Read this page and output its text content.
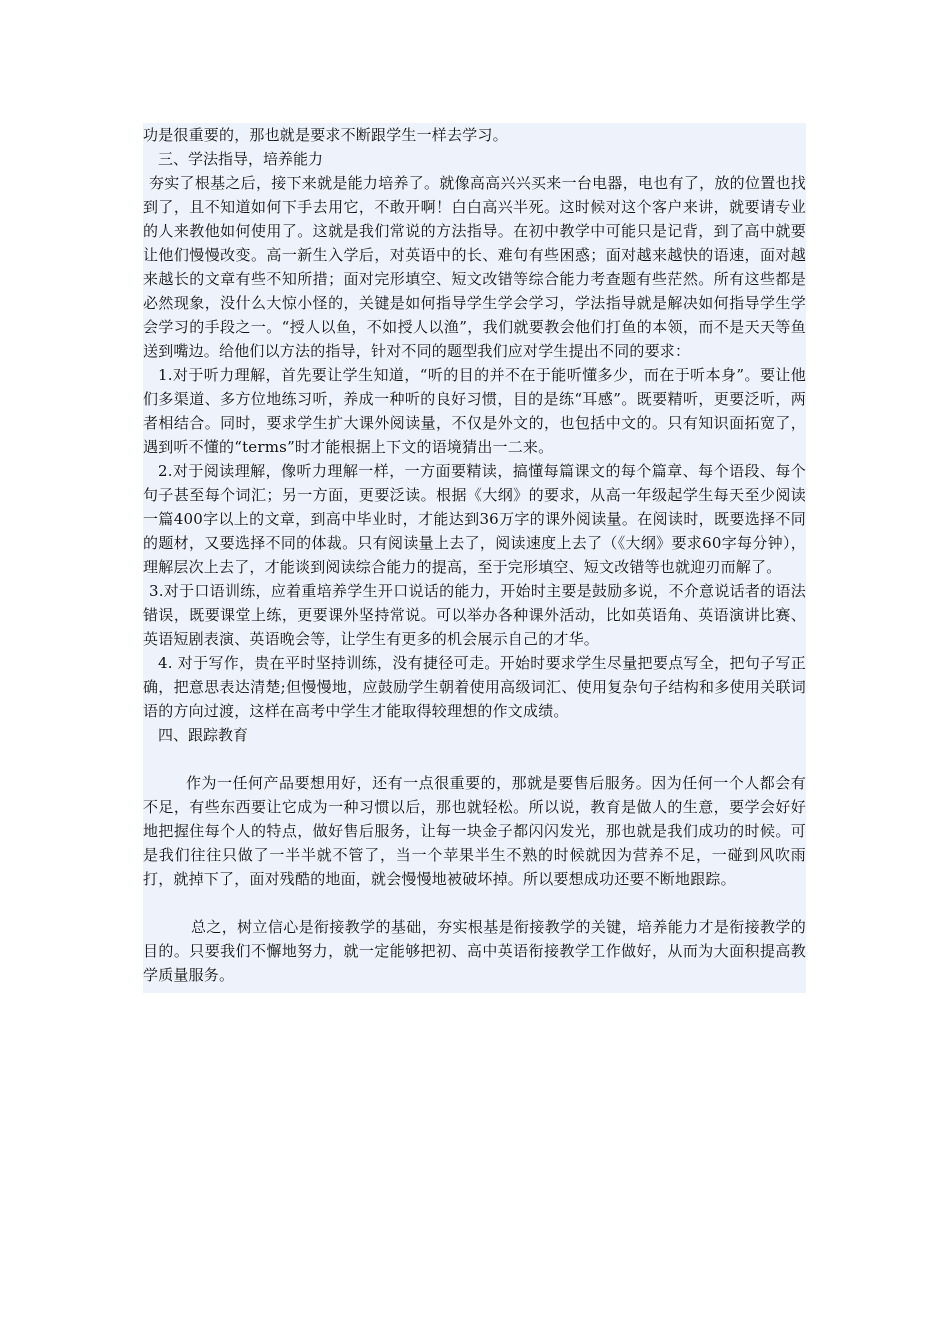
功是很重要的，那也就是要求不断跟学生一样去学习。

三、学法指导，培养能力

夯实了根基之后，接下来就是能力培养了。就像高高兴兴买来一台电器，电也有了，放的位置也找到了，且不知道如何下手去用它，不敢开啊！白白高兴半死。这时候对这个客户来讲，就要请专业的人来教他如何使用了。这就是我们常说的方法指导。在初中教学中可能只是记背，到了高中就要让他们慢慢改变。高一新生入学后，对英语中的长、难句有些困惑；面对越来越快的语速，面对越来越长的文章有些不知所措；面对完形填空、短文改错等综合能力考查题有些茫然。所有这些都是必然现象，没什么大惊小怪的，关键是如何指导学生学会学习，学法指导就是解决如何指导学生学会学习的手段之一。“授人以鱼，不如授人以渔”，我们就要教会他们打鱼的本领，而不是天天等鱼送到嘴边。给他们以方法的指导，针对不同的题型我们应对学生提出不同的要求：

1.对于听力理解，首先要让学生知道，“听的目的并不在于能听懂多少，而在于听本身”。要让他们多渠道、多方位地练习听，养成一种听的良好习惯，目的是练“耳感”。既要精听，更要泛听，两者相结合。同时，要求学生扩大课外阅读量，不仅是外文的，也包括中文的。只有知识面拓宽了，遇到听不懂的“terms”时才能根据上下文的语境猜出一二来。

2.对于阅读理解，像听力理解一样，一方面要精读，搞懂每篇课文的每个篇章、每个语段、每个句子甚至每个词汇；另一方面，更要泛读。根据《大纲》的要求，从高一年级起学生每天至少阅读一篇400字以上的文章，到高中毕业时，才能达到36万字的课外阅读量。在阅读时，既要选择不同的题材，又要选择不同的体裁。只有阅读量上去了，阅读速度上去了（《大纲》要求60字每分钟），理解层次上去了，才能谈到阅读综合能力的提高，至于完形填空、短文改错等也就迎刃而解了。

3.对于口语训练，应着重培养学生开口说话的能力，开始时主要是鼓励多说，不介意说话者的语法错误，既要课堂上练，更要课外坚持常说。可以举办各种课外活动，比如英语角、英语演讲比赛、英语短剧表演、英语晚会等，让学生有更多的机会展示自己的才华。

4. 对于写作，贵在平时坚持训练，没有捷径可走。开始时要求学生尽量把要点写全，把句子写正确，把意思表达清楚;但慢慢地，应鼓励学生朝着使用高级词汇、使用复杂句子结构和多使用关联词语的方向过渡，这样在高考中学生才能取得较理想的作文成绩。

四、跟踪教育

作为一任何产品要想用好，还有一点很重要的，那就是要售后服务。因为任何一个人都会有不足，有些东西要让它成为一种习惯以后，那也就轻松。所以说，教育是做人的生意，要学会好好地把握住每个人的特点，做好售后服务，让每一块金子都闪闪发光，那也就是我们成功的时候。可是我们往往只做了一半半就不管了，当一个苹果半生不熟的时候就因为营养不足，一碰到风吹雨打，就掉下了，面对残酷的地面，就会慢慢地被破坏掉。所以要想成功还要不断地跟踪。

总之，树立信心是衔接教学的基础，夯实根基是衔接教学的关键，培养能力才是衔接教学的目的。只要我们不懈地努力，就一定能够把初、高中英语衔接教学工作做好，从而为大面积提高教学质量服务。
